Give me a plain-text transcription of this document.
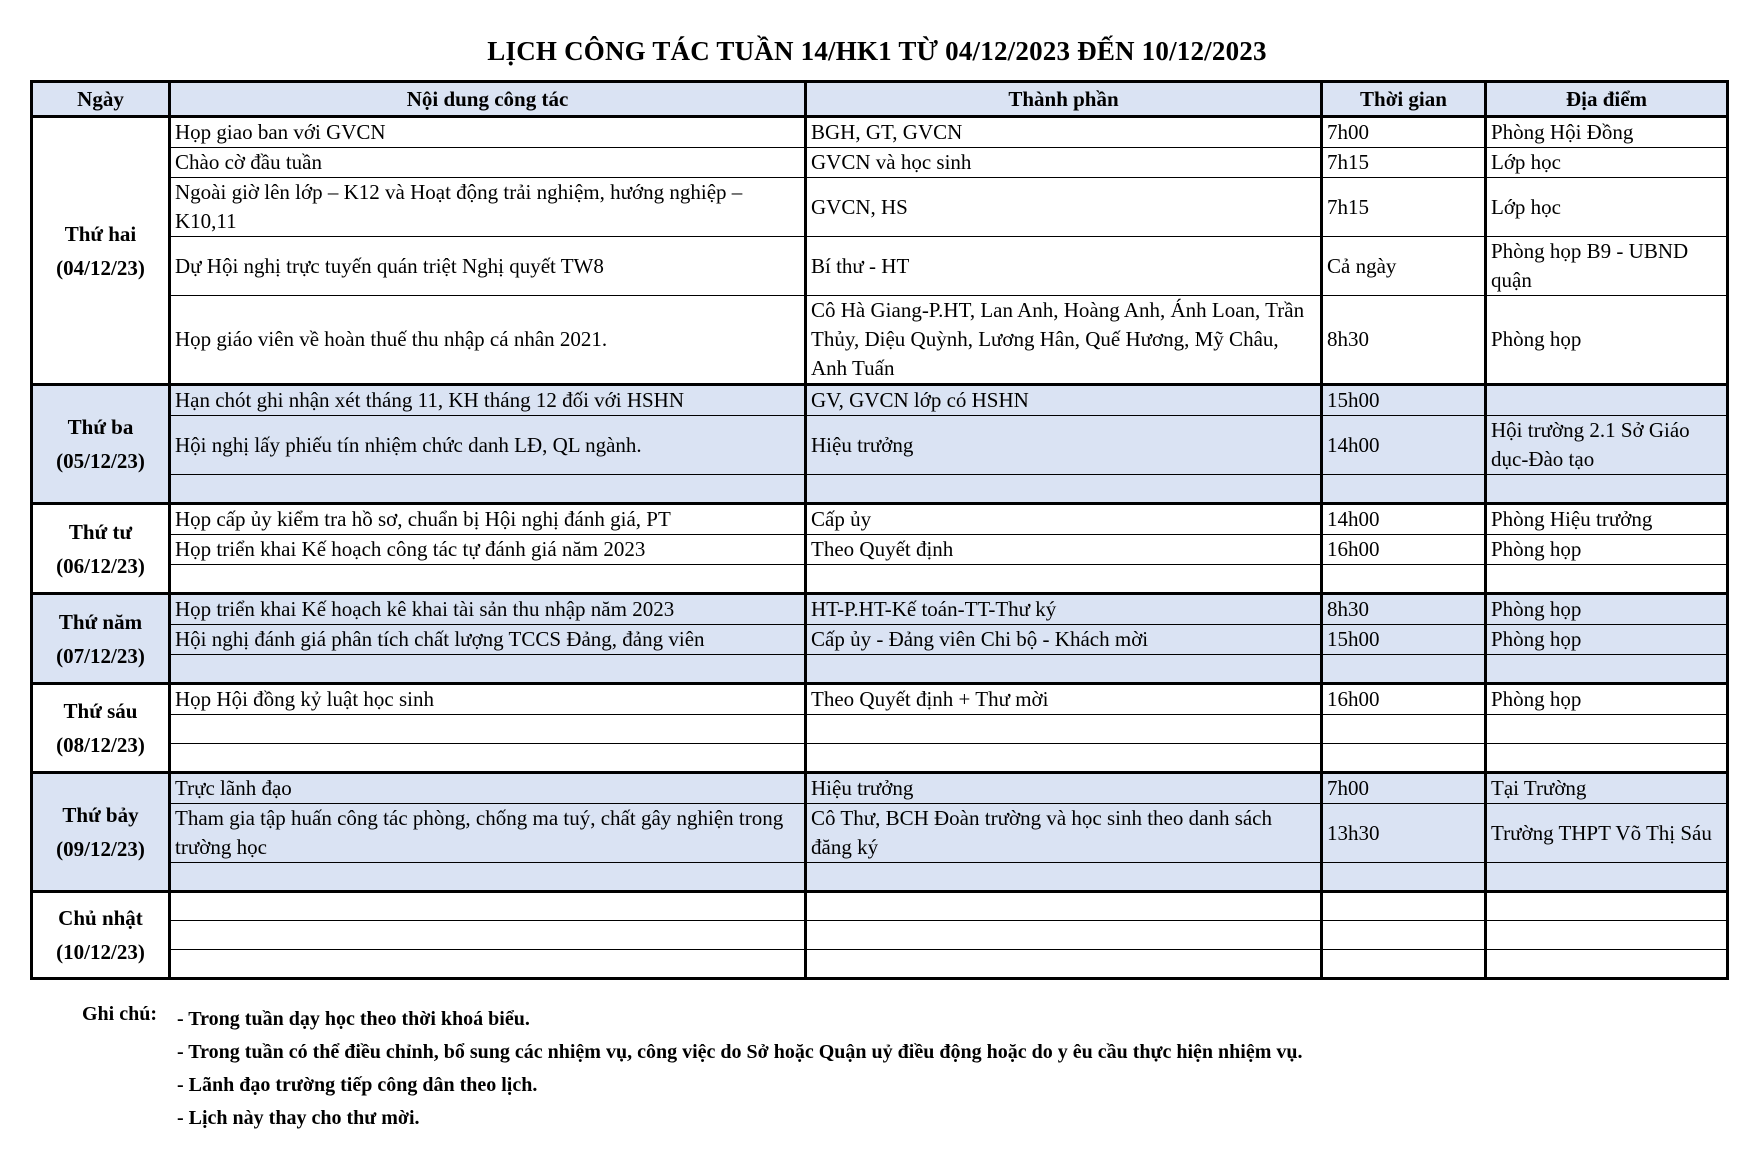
LỊCH CÔNG TÁC TUẦN 14/HK1 TỪ 04/12/2023 ĐẾN 10/12/2023
Ngày	Nội dung công tác	Thành phần	Thời gian	Địa điểm

Thứ hai
(04/12/23)	Họp giao ban với GVCN	BGH, GT, GVCN	7h00	Phòng Hội Đồng
	Chào cờ đầu tuần	GVCN và học sinh	7h15	Lớp học
	Ngoài giờ lên lớp – K12 và Hoạt động trải nghiệm, hướng nghiệp – K10,11	GVCN, HS	7h15	Lớp học
	Dự Hội nghị trực tuyến quán triệt Nghị quyết TW8	Bí thư - HT	Cả ngày	Phòng họp B9 - UBND quận
	Họp giáo viên về hoàn thuế thu nhập cá nhân 2021.	Cô Hà Giang-P.HT, Lan Anh, Hoàng Anh, Ánh Loan, Trần Thủy, Diệu Quỳnh, Lương Hân, Quế Hương, Mỹ Châu, Anh Tuấn	8h30	Phòng họp

Thứ ba
(05/12/23)	Hạn chót ghi nhận xét tháng 11, KH tháng 12 đối với HSHN	GV, GVCN lớp có HSHN	15h00	
	Hội nghị lấy phiếu tín nhiệm chức danh LĐ, QL ngành.	Hiệu trưởng	14h00	Hội trường 2.1 Sở Giáo dục-Đào tạo

Thứ tư
(06/12/23)	Họp cấp ủy kiểm tra hồ sơ, chuẩn bị Hội nghị đánh giá, PT	Cấp ủy	14h00	Phòng Hiệu trưởng
	Họp triển khai Kế hoạch công tác tự đánh giá năm 2023	Theo Quyết định	16h00	Phòng họp

Thứ năm
(07/12/23)	Họp triển khai Kế hoạch kê khai tài sản thu nhập năm 2023	HT-P.HT-Kế toán-TT-Thư ký	8h30	Phòng họp
	Hội nghị đánh giá phân tích chất lượng TCCS Đảng, đảng viên	Cấp ủy - Đảng viên Chi bộ - Khách mời	15h00	Phòng họp

Thứ sáu
(08/12/23)	Họp Hội đồng kỷ luật học sinh	Theo Quyết định + Thư mời	16h00	Phòng họp

Thứ bảy
(09/12/23)	Trực lãnh đạo	Hiệu trưởng	7h00	Tại Trường
	Tham gia tập huấn công tác phòng, chống ma tuý, chất gây nghiện trong trường học	Cô Thư, BCH Đoàn trường và học sinh theo danh sách đăng ký	13h30	Trường THPT Võ Thị Sáu

Chủ nhật
(10/12/23)				

Ghi chú: - Trong tuần dạy học theo thời khoá biểu.
- Trong tuần có thể điều chỉnh, bổ sung các nhiệm vụ, công việc do Sở hoặc Quận uỷ điều động hoặc do y êu cầu thực hiện nhiệm vụ.
- Lãnh đạo trường tiếp công dân theo lịch.
- Lịch này thay cho thư mời.
